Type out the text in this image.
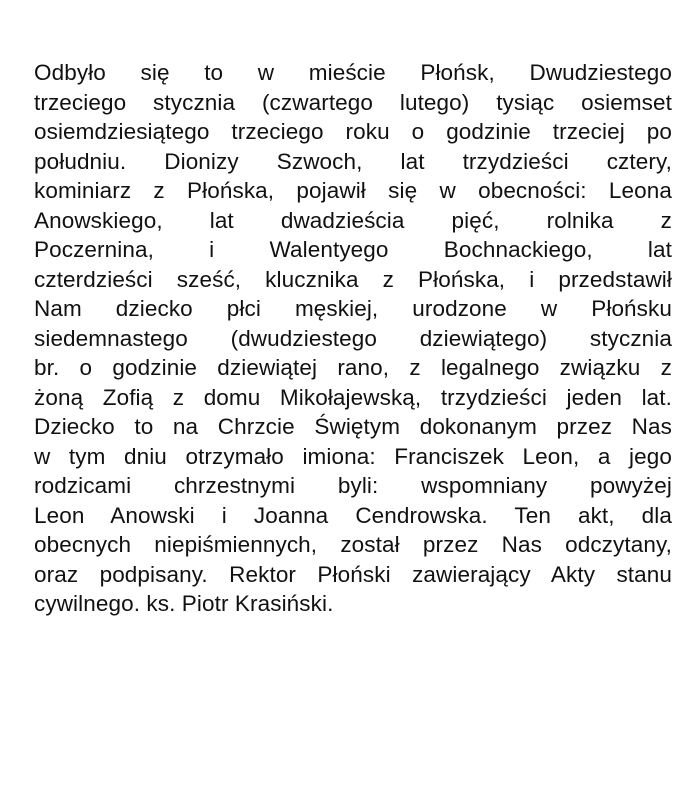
Odbyło się to w mieście Płońsk, Dwudziestego
trzeciego stycznia (czwartego lutego) tysiąc osiemset
osiemdziesiątego trzeciego roku o godzinie trzeciej po
południu. Dionizy Szwoch, lat trzydzieści cztery,
kominiarz z Płońska, pojawił się w obecności: Leona
Anowskiego, lat dwadzieścia pięć, rolnika z
Poczernina, i Walentyego Bochnackiego, lat
czterdzieści sześć, klucznika z Płońska, i przedstawił
Nam dziecko płci męskiej, urodzone w Płońsku
siedemnastego (dwudziestego dziewiątego) stycznia
br. o godzinie dziewiątej rano, z legalnego związku z
żoną Zofią z domu Mikołajewską, trzydzieści jeden lat.
Dziecko to na Chrzcie Świętym dokonanym przez Nas
w tym dniu otrzymało imiona: Franciszek Leon, a jego
rodzicami chrzestnymi byli: wspomniany powyżej
Leon Anowski i Joanna Cendrowska. Ten akt, dla
obecnych niepiśmiennych, został przez Nas odczytany,
oraz podpisany. Rektor Płoński zawierający Akty stanu
cywilnego. ks. Piotr Krasiński.
